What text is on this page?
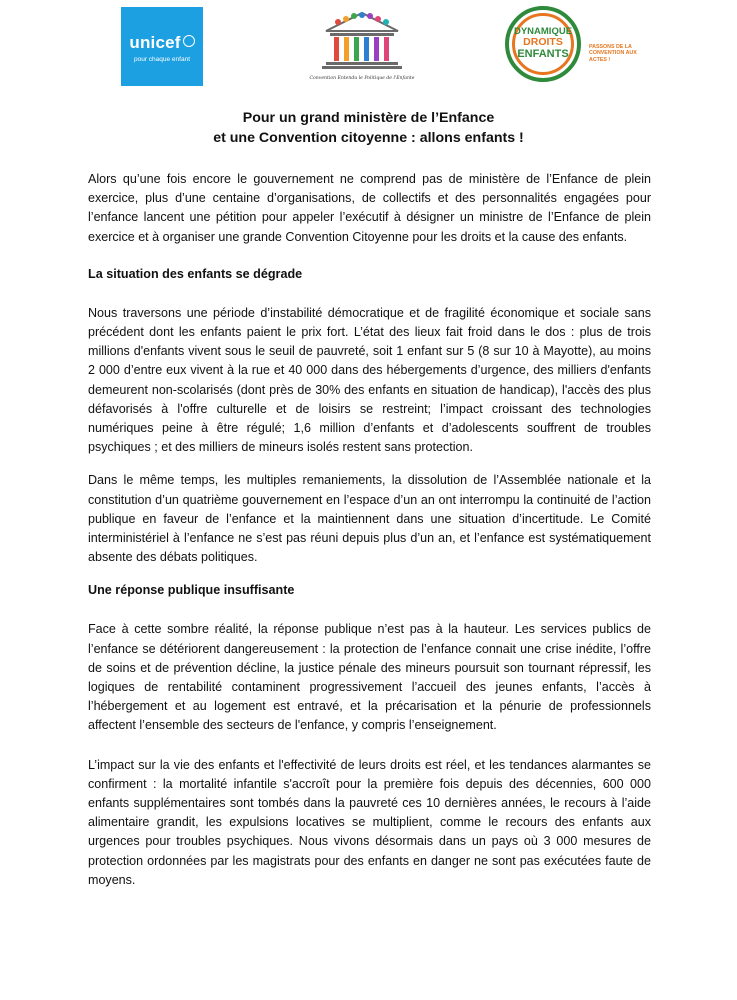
unicef
pour chaque enfant
Convention Entendu le Politique de l'Enfante
DYNAMIQUE
DROITS
ENFANTS
PASSONS DE LA CONVENTION AUX ACTES !
Pour un grand ministère de l’Enfance
et une Convention citoyenne : allons enfants !

Alors qu’une fois encore le gouvernement ne comprend pas de ministère de l’Enfance de plein exercice, plus d’une centaine d’organisations, de collectifs et des personnalités engagées pour l’enfance lancent une pétition pour appeler l’exécutif à désigner un ministre de l’Enfance de plein exercice et à organiser une grande Convention Citoyenne pour les droits et la cause des enfants.

La situation des enfants se dégrade

Nous traversons une période d’instabilité démocratique et de fragilité économique et sociale sans précédent dont les enfants paient le prix fort. L’état des lieux fait froid dans le dos : plus de trois millions d'enfants vivent sous le seuil de pauvreté, soit 1 enfant sur 5 (8 sur 10 à Mayotte), au moins 2 000 d’entre eux vivent à la rue et 40 000 dans des hébergements d’urgence, des milliers d'enfants demeurent non-scolarisés (dont près de 30% des enfants en situation de handicap), l'accès des plus défavorisés à l'offre culturelle et de loisirs se restreint; l’impact croissant des technologies numériques peine à être régulé; 1,6 million d’enfants et d’adolescents souffrent de troubles psychiques ; et des milliers de mineurs isolés restent sans protection.

Dans le même temps, les multiples remaniements, la dissolution de l’Assemblée nationale et la constitution d’un quatrième gouvernement en l’espace d’un an ont interrompu la continuité de l’action publique en faveur de l’enfance et la maintiennent dans une situation d’incertitude. Le Comité interministériel à l’enfance ne s’est pas réuni depuis plus d’un an, et l’enfance est systématiquement absente des débats politiques.

Une réponse publique insuffisante

Face à cette sombre réalité, la réponse publique n’est pas à la hauteur. Les services publics de l’enfance se détériorent dangereusement : la protection de l’enfance connait une crise inédite, l’offre de soins et de prévention décline, la justice pénale des mineurs poursuit son tournant répressif, les logiques de rentabilité contaminent progressivement l’accueil des jeunes enfants, l’accès à l’hébergement et au logement est entravé, et la précarisation et la pénurie de professionnels affectent l’ensemble des secteurs de l'enfance, y compris l’enseignement.

L’impact sur la vie des enfants et l'effectivité de leurs droits est réel, et les tendances alarmantes se confirment : la mortalité infantile s'accroît pour la première fois depuis des décennies, 600 000 enfants supplémentaires sont tombés dans la pauvreté ces 10 dernières années, le recours à l’aide alimentaire grandit, les expulsions locatives se multiplient, comme le recours des enfants aux urgences pour troubles psychiques. Nous vivons désormais dans un pays où 3 000 mesures de protection ordonnées par les magistrats pour des enfants en danger ne sont pas exécutées faute de moyens.
